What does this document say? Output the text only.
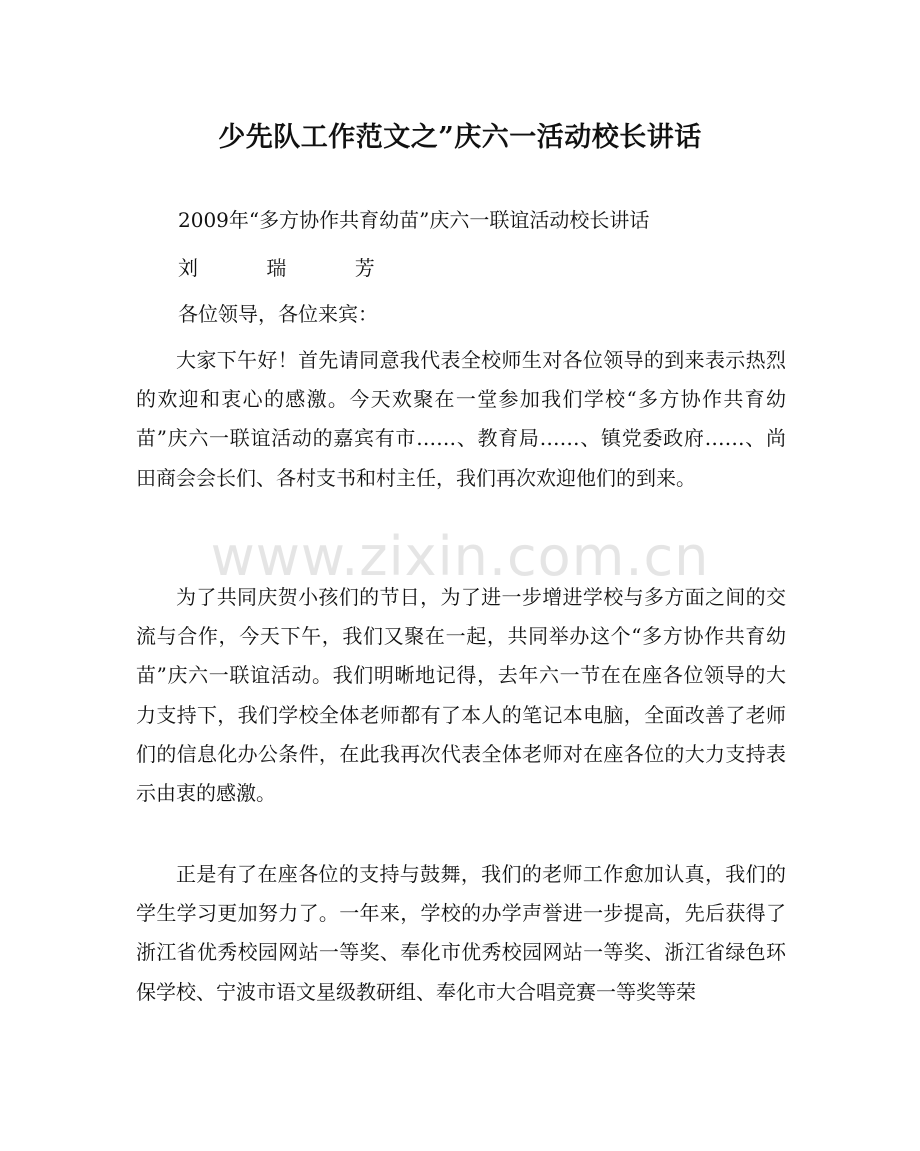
少先队工作范文之”庆六一活动校长讲话
2009年“多方协作共育幼苗”庆六一联谊活动校长讲话
刘 瑞 芳
各位领导，各位来宾：

大家下午好！首先请同意我代表全校师生对各位领导的到来表示热烈的欢迎和衷心的感激。今天欢聚在一堂参加我们学校“多方协作共育幼苗”庆六一联谊活动的嘉宾有市……、教育局……、镇党委政府……、尚田商会会长们、各村支书和村主任，我们再次欢迎他们的到来。

为了共同庆贺小孩们的节日，为了进一步增进学校与多方面之间的交流与合作，今天下午，我们又聚在一起，共同举办这个“多方协作共育幼苗”庆六一联谊活动。我们明晰地记得，去年六一节在在座各位领导的大力支持下，我们学校全体老师都有了本人的笔记本电脑，全面改善了老师们的信息化办公条件，在此我再次代表全体老师对在座各位的大力支持表示由衷的感激。

正是有了在座各位的支持与鼓舞，我们的老师工作愈加认真，我们的学生学习更加努力了。一年来，学校的办学声誉进一步提高，先后获得了浙江省优秀校园网站一等奖、奉化市优秀校园网站一等奖、浙江省绿色环保学校、宁波市语文星级教研组、奉化市大合唱竞赛一等奖等荣

www.zixin.com.cn
